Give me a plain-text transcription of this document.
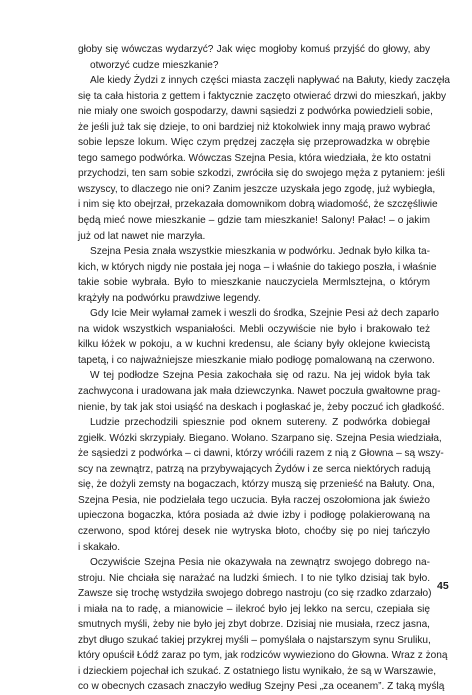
głoby się wówczas wydarzyć? Jak więc mogłoby komuś przyjść do głowy, aby
otworzyć cudze mieszkanie?
Ale kiedy Żydzi z innych części miasta zaczęli napływać na Bałuty, kiedy zaczęła
się ta cała historia z gettem i faktycznie zaczęto otwierać drzwi do mieszkań, jakby
nie miały one swoich gospodarzy, dawni sąsiedzi z podwórka powiedzieli sobie,
że jeśli już tak się dzieje, to oni bardziej niż ktokolwiek inny mają prawo wybrać
sobie lepsze lokum. Więc czym prędzej zaczęła się przeprowadzka w obrębie
tego samego podwórka. Wówczas Szejna Pesia, która wiedziała, że kto ostatni
przychodzi, ten sam sobie szkodzi, zwróciła się do swojego męża z pytaniem: jeśli
wszyscy, to dlaczego nie oni? Zanim jeszcze uzyskała jego zgodę, już wybiegła,
i nim się kto obejrzał, przekazała domownikom dobrą wiadomość, że szczęśliwie
będą mieć nowe mieszkanie – gdzie tam mieszkanie! Salony! Pałac! – o jakim
już od lat nawet nie marzyła.
Szejna Pesia znała wszystkie mieszkania w podwórku. Jednak było kilka ta-
kich, w których nigdy nie postała jej noga – i właśnie do takiego poszła, i właśnie
takie sobie wybrała. Było to mieszkanie nauczyciela Mermlsztejna, o którym
krążyły na podwórku prawdziwe legendy.
Gdy Icie Meir wyłamał zamek i weszli do środka, Szejnie Pesi aż dech zaparło
na widok wszystkich wspaniałości. Mebli oczywiście nie było i brakowało też
kilku łóżek w pokoju, a w kuchni kredensu, ale ściany były oklejone kwiecistą
tapetą, i co najważniejsze mieszkanie miało podłogę pomalowaną na czerwono.
W tej podłodze Szejna Pesia zakochała się od razu. Na jej widok była tak
zachwycona i uradowana jak mała dziewczynka. Nawet poczuła gwałtowne prag-
nienie, by tak jak stoi usiąść na deskach i pogłaskać je, żeby poczuć ich gładkość.
Ludzie przechodzili spiesznie pod oknem sutereny. Z podwórka dobiegał
zgiełk. Wózki skrzypiały. Biegano. Wołano. Szarpano się. Szejna Pesia wiedziała,
że sąsiedzi z podwórka – ci dawni, którzy wróćili razem z nią z Głowna – są wszy-
scy na zewnątrz, patrzą na przybywających Żydów i ze serca niektórych radują
się, że dożyli zemsty na bogaczach, którzy muszą się przenieść na Bałuty. Ona,
Szejna Pesia, nie podzielała tego uczucia. Była raczej oszołomiona jak świeżo
upieczona bogaczka, która posiada aż dwie izby i podłogę polakierowaną na
czerwono, spod której desek nie wytryska błoto, choćby się po niej tańczyło
i skakało.
Oczywiście Szejna Pesia nie okazywała na zewnątrz swojego dobrego na-
stroju. Nie chciała się narażać na ludzki śmiech. I to nie tylko dzisiaj tak było.
Zawsze się trochę wstydziła swojego dobrego nastroju (co się rzadko zdarzało)
i miała na to radę, a mianowicie – ilekroć było jej lekko na sercu, czepiała się
smutnych myśli, żeby nie było jej zbyt dobrze. Dzisiaj nie musiała, rzecz jasna,
zbyt długo szukać takiej przykrej myśli – pomyślała o najstarszym synu Sruliku,
który opuścił Łódź zaraz po tym, jak rodziców wywieziono do Głowna. Wraz z żoną
i dzieckiem pojechał ich szukać. Z ostatniego listu wynikało, że są w Warszawie,
co w obecnych czasach znaczyło według Szejny Pesi „za oceanem”. Z taką myślą
45
